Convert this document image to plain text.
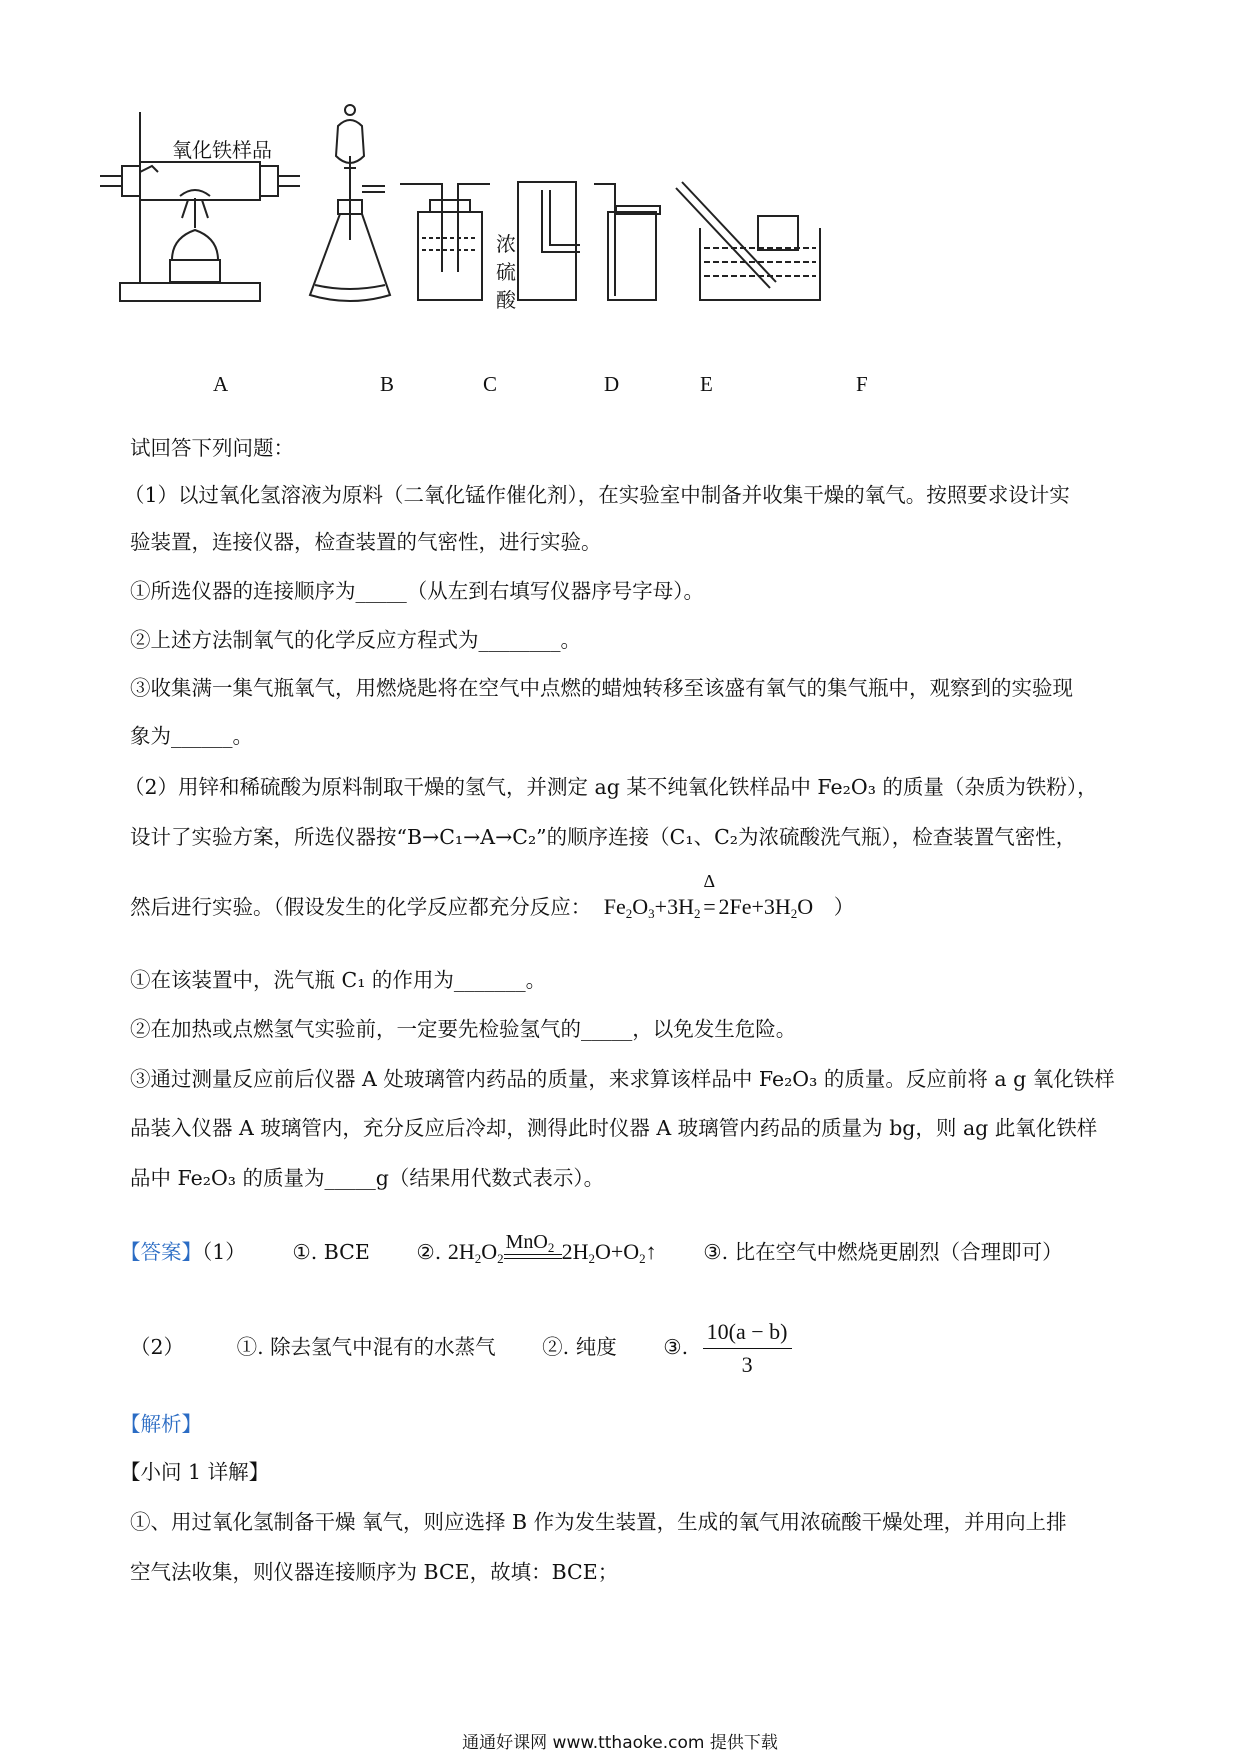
氧化铁样品
浓
硫
酸
A	B	C	D	E	F
试回答下列问题：
（1）以过氧化氢溶液为原料（二氧化锰作催化剂），在实验室中制备并收集干燥的氧气。按照要求设计实
验装置，连接仪器，检查装置的气密性，进行实验。
①所选仪器的连接顺序为_____（从左到右填写仪器序号字母）。
②上述方法制氧气的化学反应方程式为________。
③收集满一集气瓶氧气，用燃烧匙将在空气中点燃的蜡烛转移至该盛有氧气的集气瓶中，观察到的实验现
象为______。
（2）用锌和稀硫酸为原料制取干燥的氢气，并测定 ag 某不纯氧化铁样品中 Fe₂O₃ 的质量（杂质为铁粉），
设计了实验方案，所选仪器按“B→C₁→A→C₂”的顺序连接（C₁、C₂为浓硫酸洗气瓶），检查装置气密性，
然后进行实验。（假设发生的化学反应都充分反应： $Fe_2O_3+3H_2$
Δ
= $2Fe+3H_2O$ ）
①在该装置中，洗气瓶 C₁ 的作用为_______。
②在加热或点燃氢气实验前，一定要先检验氢气的_____，以免发生危险。
③通过测量反应前后仪器 A 处玻璃管内药品的质量，来求算该样品中 Fe₂O₃ 的质量。反应前将 a g 氧化铁样
品装入仪器 A 玻璃管内，充分反应后冷却，测得此时仪器 A 玻璃管内药品的质量为 bg，则 ag 此氧化铁样
品中 Fe₂O₃ 的质量为_____g（结果用代数式表示）。
【答案】（1） ①. BCE ②. $2H_2O_2$
MnO$_2$ $2H_2O+O_2↑$ ③. 比在空气中燃烧更剧烈（合理即可）
（2）	①. 除去氢气中混有的水蒸气 ②. 纯度 ③. $\frac{10(a - b)}{3}$
【解析】
【小问 1 详解】
①、用过氧化氢制备干燥 氧气，则应选择 B 作为发生装置，生成的氧气用浓硫酸干燥处理，并用向上排
空气法收集，则仪器连接顺序为 BCE，故填：BCE；
通通好课网 www.tthaoke.com 提供下载
